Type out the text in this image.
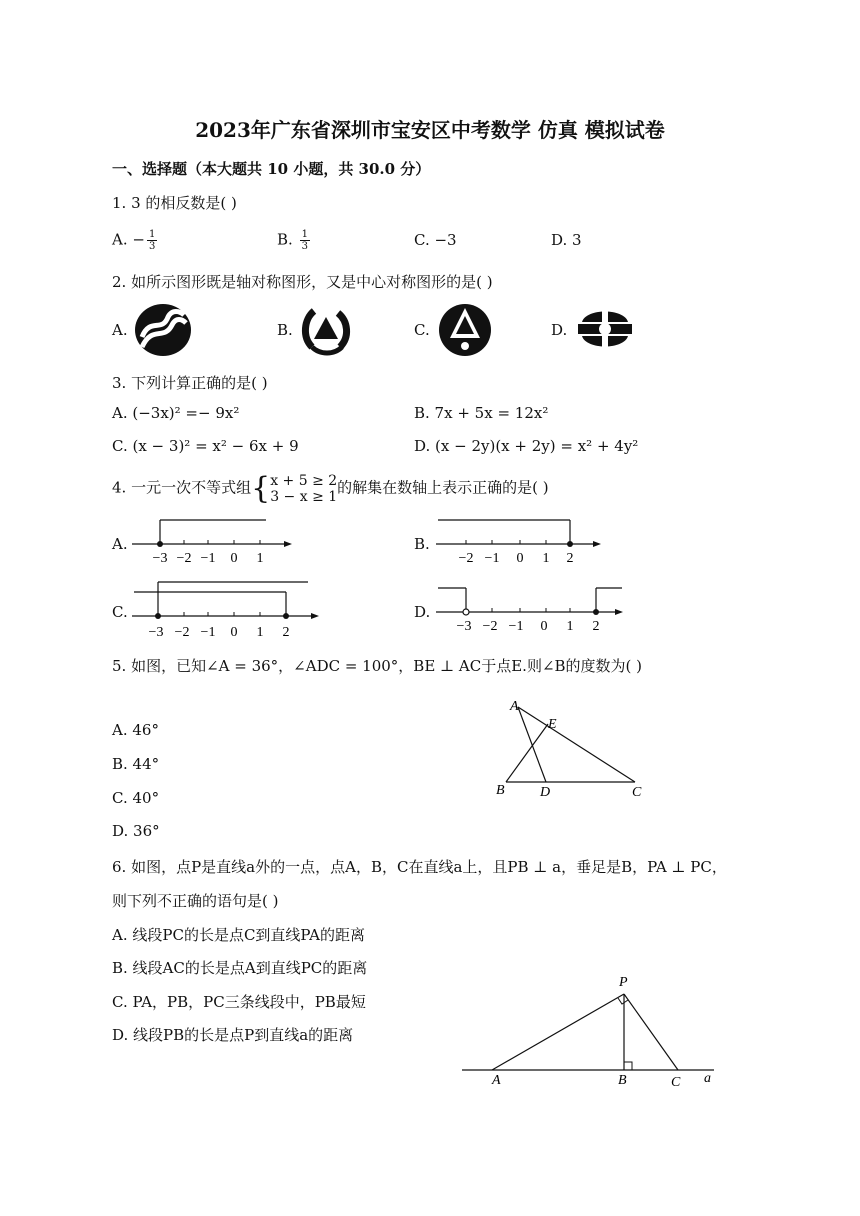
2023年广东省深圳市宝安区中考数学 仿真 模拟试卷
一、选择题（本大题共 10 小题，共 30.0 分）
1. 3 的相反数是( )
A. − $\frac{1}{3}$	B. $\frac{1}{3}$	C. −3	D. 3
2. 如所示图形既是轴对称图形，又是中心对称图形的是( )
A.	B.	C.	D.
3. 下列计算正确的是( )
A. (−3x)² =− 9x²	B. 7x + 5x = 12x²
C. (x − 3)² = x² − 6x + 9	D. (x − 2y)(x + 2y) = x² + 4y²
4. 一元一次不等式组{x + 5 ≥ 2
3 − x ≥ 1的解集在数轴上表示正确的是( )
A.
−3 −2 −1 0 1
B.
−2 −1 0 1 2
C.
−3 −2 −1 0 1 2
D.
−3 −2 −1 0 1 2
5. 如图，已知∠A = 36°，∠ADC = 100°，BE ⊥ AC于点E.则∠B的度数为( )
A. 46°
B. 44°
C. 40°
D. 36°
A
E
B	D	C
6. 如图，点P是直线a外的一点，点A，B，C在直线a上，且PB ⊥ a，垂足是B，PA ⊥ PC，
则下列不正确的语句是( )
A. 线段PC的长是点C到直线PA的距离
B. 线段AC的长是点A到直线PC的距离
C. PA，PB，PC三条线段中，PB最短
D. 线段PB的长是点P到直线a的距离
P
A	B	C a
